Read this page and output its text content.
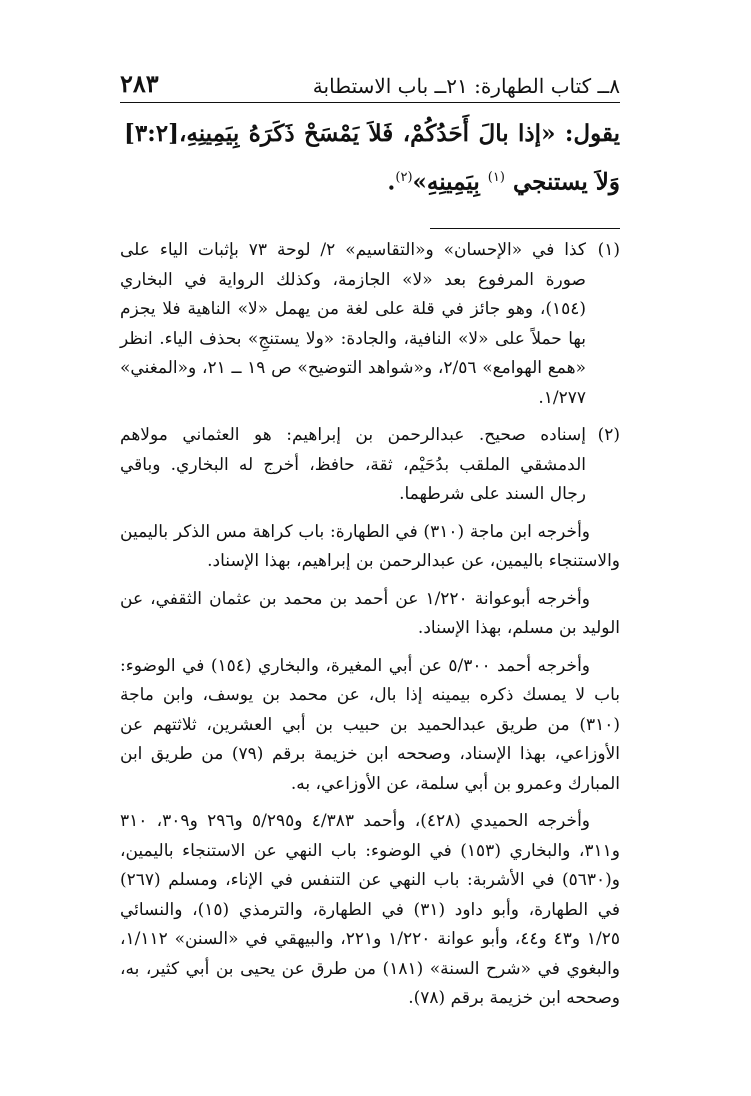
٨ــ كتاب الطهارة: ٢١ــ باب الاستطابة
٢٨٣
[٣:٢] يقول: «إذا بالَ أَحَدُكُمْ، فَلاَ يَمْسَحْ ذَكَرَهُ بِيَمِينِهِ، وَلاَ يستنجي $^{(١)}$ بِيَمِينِهِ»$^{(٢)}$.
(١)

كذا في «الإحسان» و«التقاسيم» ٢/ لوحة ٧٣ بإثبات الياء على صورة المرفوع بعد «لا» الجازمة، وكذلك الرواية في البخاري (١٥٤)، وهو جائز في قلة على لغة من يهمل «لا» الناهية فلا يجزم بها حملاً على «لا» النافية، والجادة: «ولا يستنجِ» بحذف الياء. انظر «همع الهوامع» ٢/٥٦، و«شواهد التوضيح» ص ١٩ ــ ٢١، و«المغني» ١/٢٧٧.

(٢)

إسناده صحيح. عبدالرحمن بن إبراهيم: هو العثماني مولاهم الدمشقي الملقب بدُحَيْم، ثقة، حافظ، أخرج له البخاري. وباقي رجال السند على شرطهما.

وأخرجه ابن ماجة (٣١٠) في الطهارة: باب كراهة مس الذكر باليمين والاستنجاء باليمين، عن عبدالرحمن بن إبراهيم، بهذا الإسناد.

وأخرجه أبوعوانة ١/٢٢٠ عن أحمد بن محمد بن عثمان الثقفي، عن الوليد بن مسلم، بهذا الإسناد.

وأخرجه أحمد ٥/٣٠٠ عن أبي المغيرة، والبخاري (١٥٤) في الوضوء: باب لا يمسك ذكره بيمينه إذا بال، عن محمد بن يوسف، وابن ماجة (٣١٠) من طريق عبدالحميد بن حبيب بن أبي العشرين، ثلاثتهم عن الأوزاعي، بهذا الإسناد، وصححه ابن خزيمة برقم (٧٩) من طريق ابن المبارك وعمرو بن أبي سلمة، عن الأوزاعي، به.

وأخرجه الحميدي (٤٢٨)، وأحمد ٤/٣٨٣ و٥/٢٩٥ و٢٩٦ و٣٠٩، ٣١٠ و٣١١، والبخاري (١٥٣) في الوضوء: باب النهي عن الاستنجاء باليمين، و(٥٦٣٠) في الأشربة: باب النهي عن التنفس في الإناء، ومسلم (٢٦٧) في الطهارة، وأبو داود (٣١) في الطهارة، والترمذي (١٥)، والنسائي ١/٢٥ و٤٣ و٤٤، وأبو عوانة ١/٢٢٠ و٢٢١، والبيهقي في «السنن» ١/١١٢، والبغوي في «شرح السنة» (١٨١) من طرق عن يحيى بن أبي كثير، به، وصححه ابن خزيمة برقم (٧٨).
